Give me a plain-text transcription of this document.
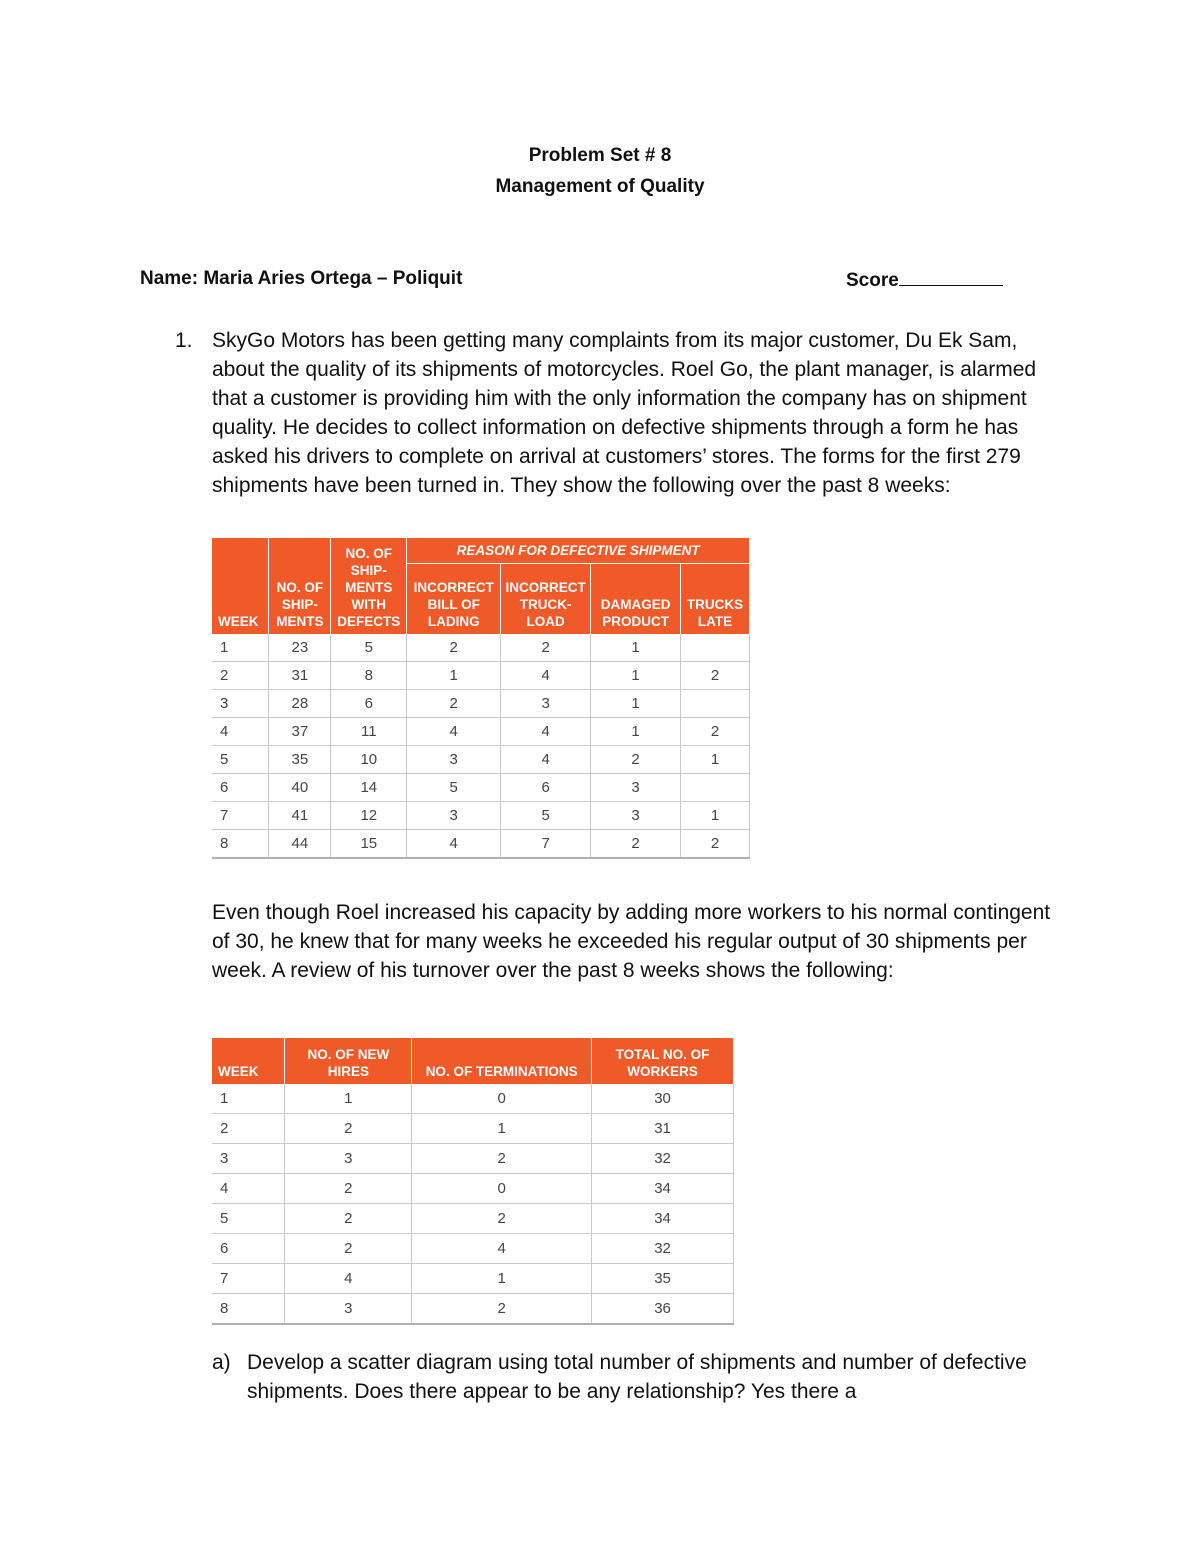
Problem Set # 8
Management of Quality
Name: Maria Aries Ortega – Poliquit	Score
1. SkyGo Motors has been getting many complaints from its major customer, Du Ek Sam, about the quality of its shipments of motorcycles. Roel Go, the plant manager, is alarmed that a customer is providing him with the only information the company has on shipment quality. He decides to collect information on defective shipments through a form he has asked his drivers to complete on arrival at customers’ stores. The forms for the first 279 shipments have been turned in. They show the following over the past 8 weeks:
WEEK	NO. OF SHIP-MENTS	NO. OF SHIP-MENTS WITH DEFECTS	REASON FOR DEFECTIVE SHIPMENT			
			INCORRECT BILL OF LADING	INCORRECT TRUCK-LOAD	DAMAGED PRODUCT	TRUCKS LATE
1	23	5	2	2	1	
2	31	8	1	4	1	2
3	28	6	2	3	1	
4	37	11	4	4	1	2
5	35	10	3	4	2	1
6	40	14	5	6	3	
7	41	12	3	5	3	1
8	44	15	4	7	2	2
Even though Roel increased his capacity by adding more workers to his normal contingent of 30, he knew that for many weeks he exceeded his regular output of 30 shipments per week. A review of his turnover over the past 8 weeks shows the following:
WEEK	NO. OF NEW HIRES	NO. OF TERMINATIONS	TOTAL NO. OF WORKERS
1	1	0	30
2	2	1	31
3	3	2	32
4	2	0	34
5	2	2	34
6	2	4	32
7	4	1	35
8	3	2	36
a) Develop a scatter diagram using total number of shipments and number of defective shipments. Does there appear to be any relationship? Yes there a
